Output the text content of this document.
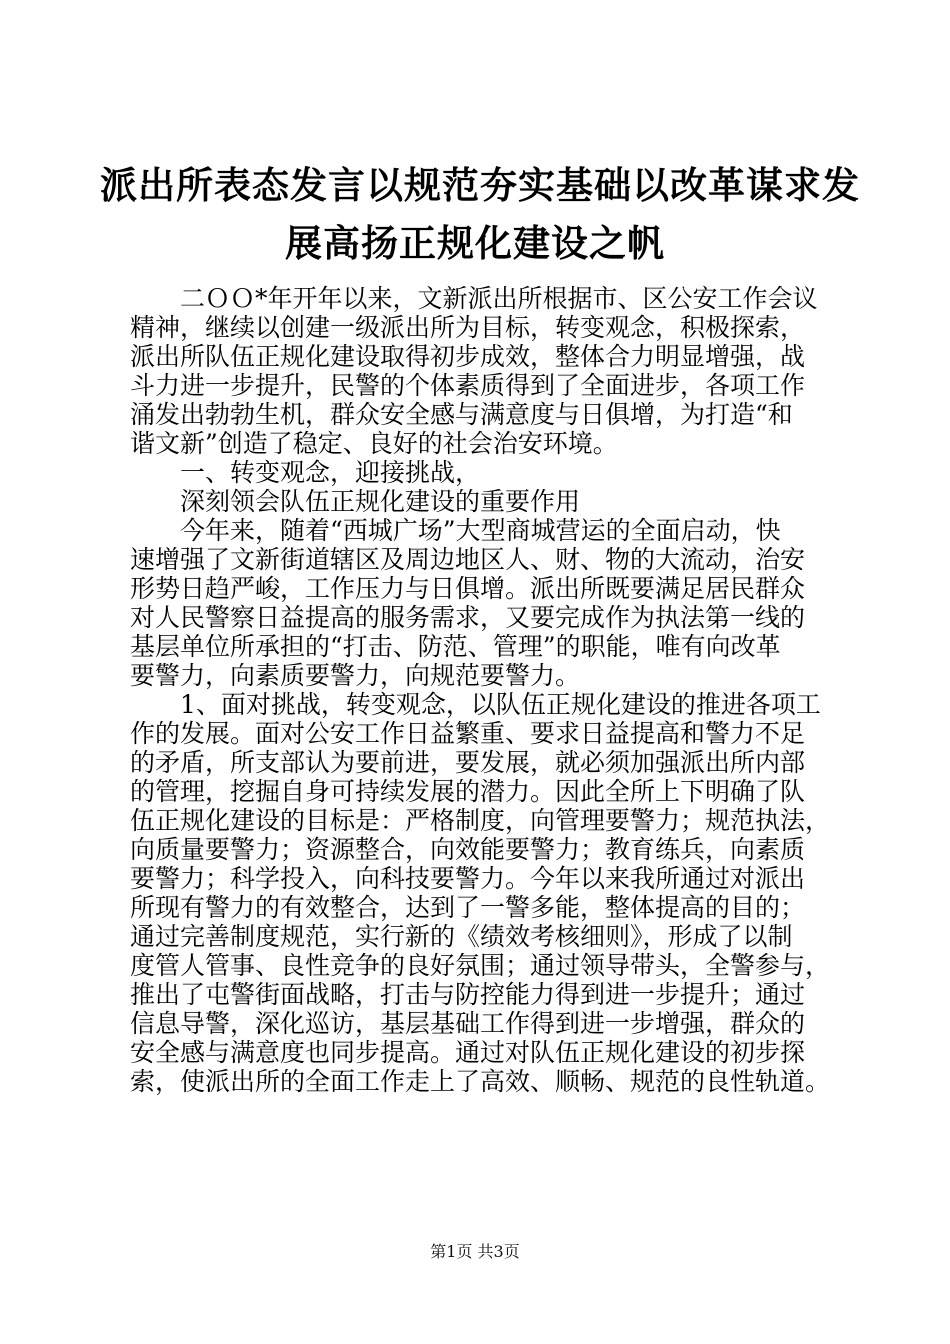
派出所表态发言以规范夯实基础以改革谋求发
展高扬正规化建设之帆
二ＯＯ*年开年以来，文新派出所根据市、区公安工作会议
精神，继续以创建一级派出所为目标，转变观念，积极探索，
派出所队伍正规化建设取得初步成效，整体合力明显增强，战
斗力进一步提升，民警的个体素质得到了全面进步，各项工作
涌发出勃勃生机，群众安全感与满意度与日俱增，为打造“和
谐文新”创造了稳定、良好的社会治安环境。
一、转变观念，迎接挑战，
深刻领会队伍正规化建设的重要作用
今年来，随着“西城广场”大型商城营运的全面启动，快
速增强了文新街道辖区及周边地区人、财、物的大流动，治安
形势日趋严峻，工作压力与日俱增。派出所既要满足居民群众
对人民警察日益提高的服务需求，又要完成作为执法第一线的
基层单位所承担的“打击、防范、管理”的职能，唯有向改革
要警力，向素质要警力，向规范要警力。
1、面对挑战，转变观念，以队伍正规化建设的推进各项工
作的发展。面对公安工作日益繁重、要求日益提高和警力不足
的矛盾，所支部认为要前进，要发展，就必须加强派出所内部
的管理，挖掘自身可持续发展的潜力。因此全所上下明确了队
伍正规化建设的目标是：严格制度，向管理要警力；规范执法，
向质量要警力；资源整合，向效能要警力；教育练兵，向素质
要警力；科学投入，向科技要警力。今年以来我所通过对派出
所现有警力的有效整合，达到了一警多能，整体提高的目的；
通过完善制度规范，实行新的《绩效考核细则》，形成了以制
度管人管事、良性竞争的良好氛围；通过领导带头，全警参与，
推出了屯警街面战略，打击与防控能力得到进一步提升；通过
信息导警，深化巡访，基层基础工作得到进一步增强，群众的
安全感与满意度也同步提高。通过对队伍正规化建设的初步探
索，使派出所的全面工作走上了高效、顺畅、规范的良性轨道。
第1页 共3页
